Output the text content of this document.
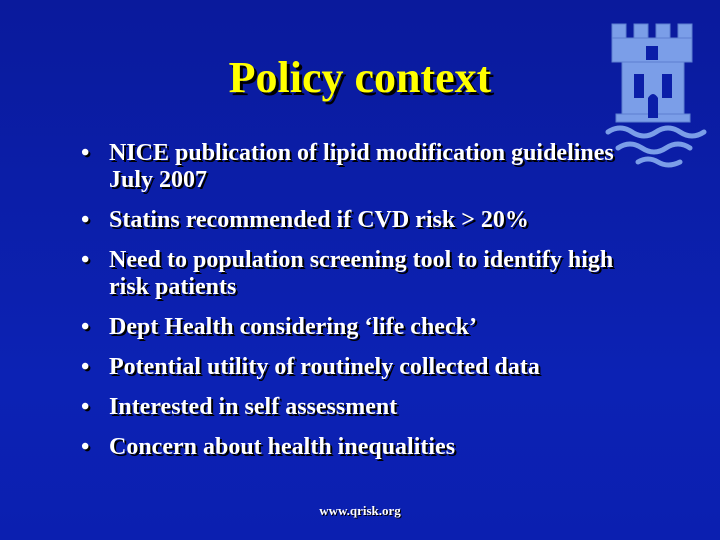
Policy context
• NICE publication of lipid modification guidelines July 2007
• Statins recommended if CVD risk > 20%
• Need to population screening tool to identify high risk patients
• Dept Health considering ‘life check’
• Potential utility of routinely collected data
• Interested in self assessment
• Concern about health inequalities
www.qrisk.org
